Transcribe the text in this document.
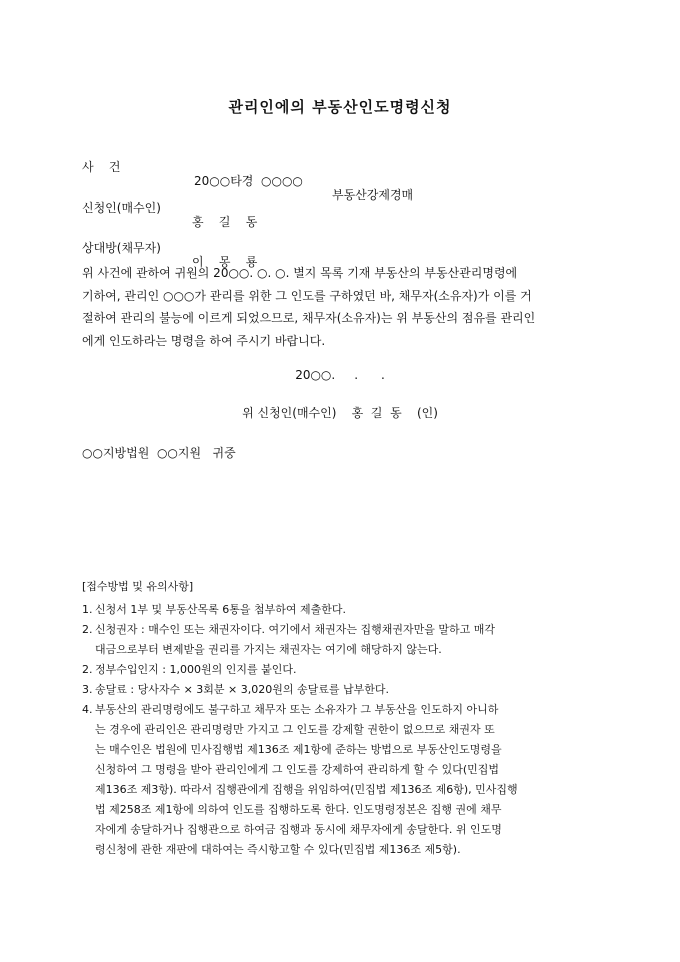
관리인에의 부동산인도명령신청

사    건

20○○타경  ○○○○

부동산강제경매

신청인(매수인)

홍    길    동

상대방(채무자)

이    몽    룡

위 사건에 관하여 귀원의 20○○. ○. ○. 별지 목록 기재 부동산의 부동산관리명령에
기하여, 관리인 ○○○가 관리를 위한 그 인도를 구하였던 바, 채무자(소유자)가 이를 거
절하여 관리의 불능에 이르게 되었으므로, 채무자(소유자)는 위 부동산의 점유를 관리인
에게 인도하라는 명령을 하여 주시기 바랍니다.
20○○.     .      .
위 신청인(매수인)    홍  길  동    (인)
○○지방법원  ○○지원   귀중
[접수방법 및 유의사항]
1. 신청서 1부 및 부동산목록 6통을 첨부하여 제출한다.
2. 신청권자 : 매수인 또는 채권자이다. 여기에서 채권자는 집행채권자만을 말하고 매각
대금으로부터 변제받을 권리를 가지는 채권자는 여기에 해당하지 않는다.
2. 정부수입인지 : 1,000원의 인지를 붙인다.
3. 송달료 : 당사자수 × 3회분 × 3,020원의 송달료를 납부한다.
4. 부동산의 관리명령에도 불구하고 채무자 또는 소유자가 그 부동산을 인도하지 아니하
는 경우에 관리인은 관리명령만 가지고 그 인도를 강제할 권한이 없으므로 채권자 또
는 매수인은 법원에 민사집행법 제136조 제1항에 준하는 방법으로 부동산인도명령을
신청하여 그 명령을 받아 관리인에게 그 인도를 강제하여 관리하게 할 수 있다(민집법
제136조 제3항). 따라서 집행관에게 집행을 위임하여(민집법 제136조 제6항), 민사집행
법 제258조 제1항에 의하여 인도를 집행하도록 한다. 인도명령정본은 집행 권에 채무
자에게 송달하거나 집행관으로 하여금 집행과 동시에 채무자에게 송달한다. 위 인도명
령신청에 관한 재판에 대하여는 즉시항고할 수 있다(민집법 제136조 제5항).
